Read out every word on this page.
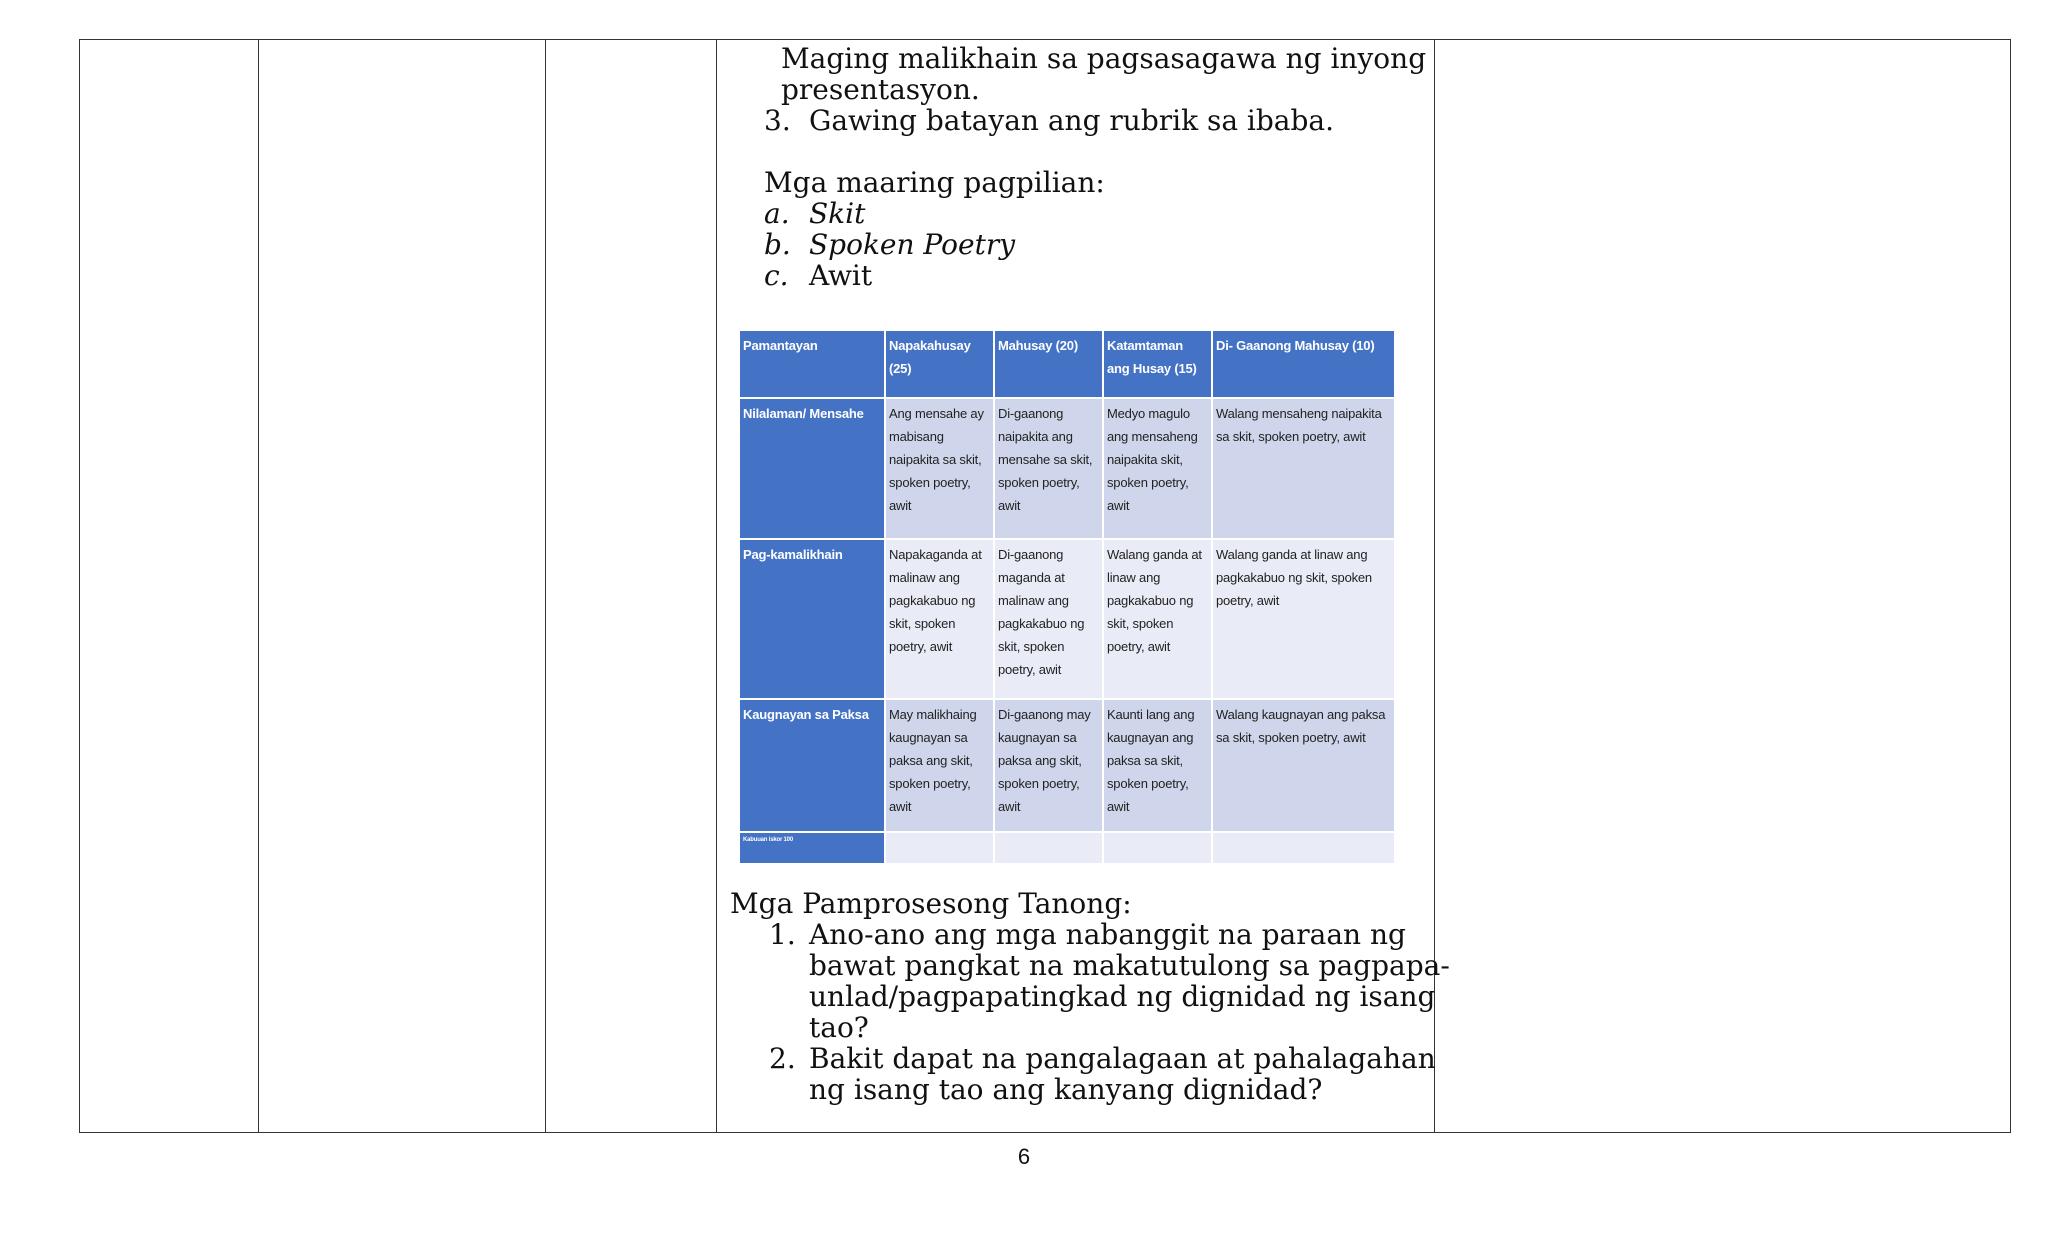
Maging malikhain sa pagsasagawa ng inyong
presentasyon.
3. Gawing batayan ang rubrik sa ibaba.
Mga maaring pagpilian:
a. Skit
b. Spoken Poetry
c. Awit
Mga Pamprosesong Tanong:
1. Ano-ano ang mga nabanggit na paraan ng
bawat pangkat na makatutulong sa pagpapa-
unlad/pagpapatingkad ng dignidad ng isang
tao?
2. Bakit dapat na pangalagaan at pahalagahan
ng isang tao ang kanyang dignidad?
Pamantayan	Napakahusay (25)	Mahusay (20)	Katamtaman ang Husay (15)	Di- Gaanong Mahusay (10)
Nilalaman/ Mensahe	Ang mensahe ay mabisang naipakita sa skit, spoken poetry, awit	Di-gaanong naipakita ang mensahe sa skit, spoken poetry, awit	Medyo magulo ang mensaheng naipakita skit, spoken poetry, awit	Walang mensaheng naipakita sa skit, spoken poetry, awit
Pag-kamalikhain	Napakaganda at malinaw ang pagkakabuo ng skit, spoken poetry, awit	Di-gaanong maganda at malinaw ang pagkakabuo ng skit, spoken poetry, awit	Walang ganda at linaw ang pagkakabuo ng skit, spoken poetry, awit	Walang ganda at linaw ang pagkakabuo ng skit, spoken poetry, awit
Kaugnayan sa Paksa	May malikhaing kaugnayan sa paksa ang skit, spoken poetry, awit	Di-gaanong may kaugnayan sa paksa ang skit, spoken poetry, awit	Kaunti lang ang kaugnayan ang paksa sa skit, spoken poetry, awit	Walang kaugnayan ang paksa sa skit, spoken poetry, awit
Kabuuan iskor 100				
6
